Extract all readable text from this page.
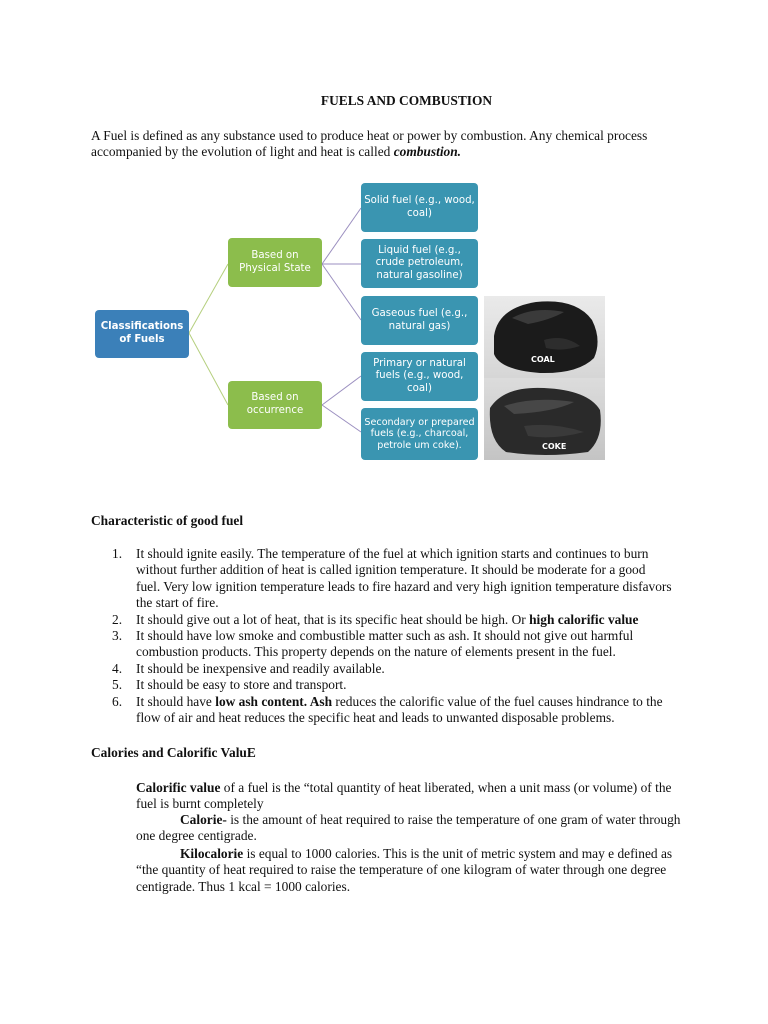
FUELS AND COMBUSTION
A Fuel is defined as any substance used to produce heat or power by combustion. Any chemical process accompanied by the evolution of light and heat is called combustion.
Classifications of Fuels
Based on Physical State
Based on occurrence
Solid fuel (e.g., wood, coal)
Liquid fuel (e.g., crude petroleum, natural gasoline)
Gaseous fuel (e.g., natural gas)
Primary or natural fuels (e.g., wood, coal)
Secondary or prepared fuels (e.g., charcoal, petrole um coke).
COAL
COKE
Characteristic of good fuel
1. It should ignite easily. The temperature of the fuel at which ignition starts and continues to burn without further addition of heat is called ignition temperature. It should be moderate for a good fuel. Very low ignition temperature leads to fire hazard and very high ignition temperature disfavors the start of fire.
2. It should give out a lot of heat, that is its specific heat should be high. Or high calorific value
3. It should have low smoke and combustible matter such as ash. It should not give out harmful combustion products. This property depends on the nature of elements present in the fuel.
4. It should be inexpensive and readily available.
5. It should be easy to store and transport.
6. It should have low ash content. Ash reduces the calorific value of the fuel causes hindrance to the flow of air and heat reduces the specific heat and leads to unwanted disposable problems.
Calories and Calorific ValuE
Calorific value of a fuel is the “total quantity of heat liberated, when a unit mass (or volume) of the fuel is burnt completely
Calorie- is the amount of heat required to raise the temperature of one gram of water through one degree centigrade.
Kilocalorie is equal to 1000 calories. This is the unit of metric system and may e defined as “the quantity of heat required to raise the temperature of one kilogram of water through one degree centigrade. Thus 1 kcal = 1000 calories.
